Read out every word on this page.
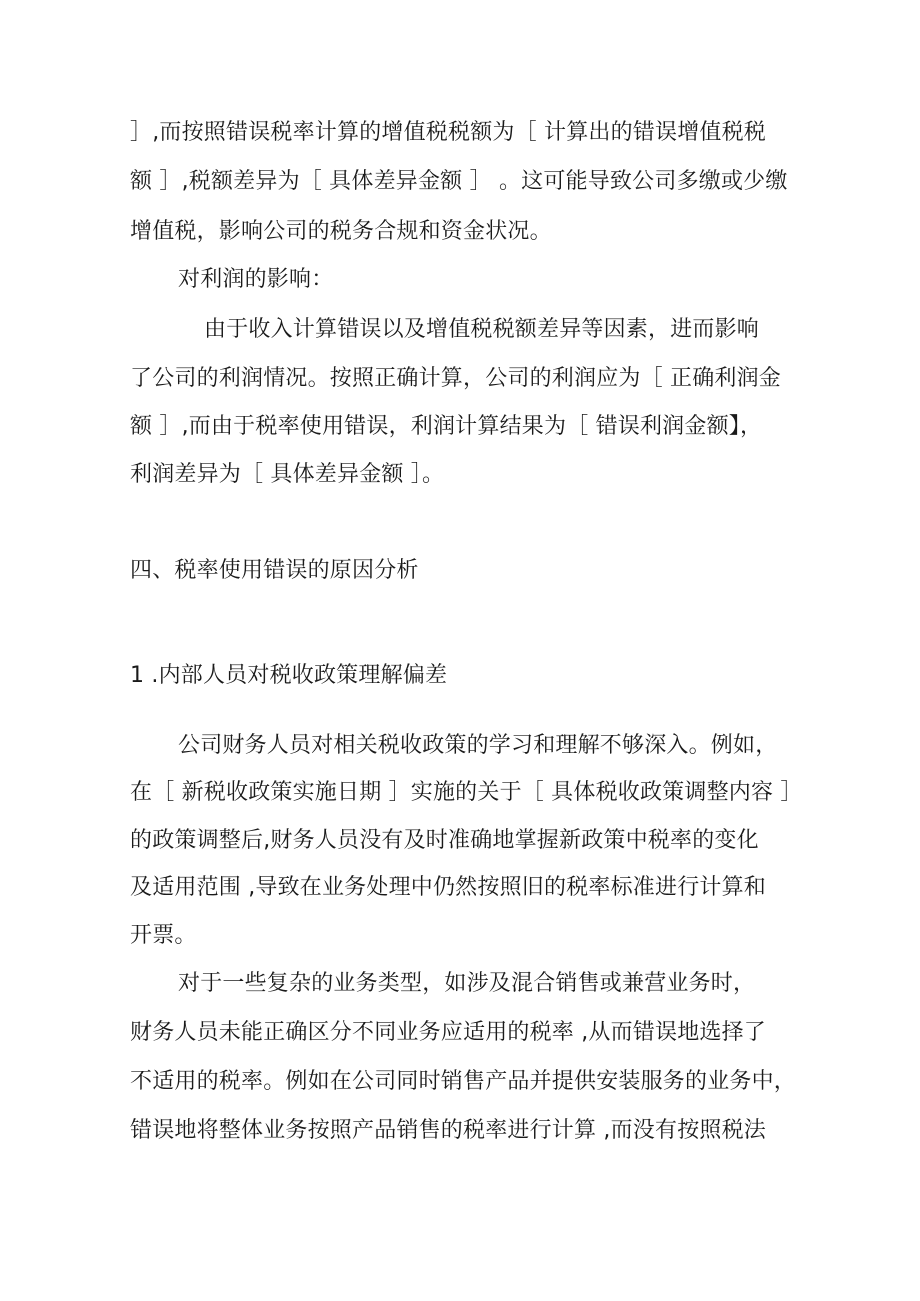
］,而按照错误税率计算的增值税税额为［ 计算出的错误增值税税
额 ］,税额差异为［ 具体差异金额 ］ 。这可能导致公司多缴或少缴
增值税，影响公司的税务合规和资金状况。
对利润的影响：
由于收入计算错误以及增值税税额差异等因素，进而影响
了公司的利润情况。按照正确计算，公司的利润应为［ 正确利润金
额 ］,而由于税率使用错误，利润计算结果为［ 错误利润金额】，
利润差异为［ 具体差异金额 ］。
四、税率使用错误的原因分析
1 .内部人员对税收政策理解偏差
公司财务人员对相关税收政策的学习和理解不够深入。例如，
在［ 新税收政策实施日期 ］实施的关于［ 具体税收政策调整内容 ］
的政策调整后,财务人员没有及时准确地掌握新政策中税率的变化
及适用范围 ,导致在业务处理中仍然按照旧的税率标准进行计算和
开票。
对于一些复杂的业务类型，如涉及混合销售或兼营业务时，
财务人员未能正确区分不同业务应适用的税率 ,从而错误地选择了
不适用的税率。例如在公司同时销售产品并提供安装服务的业务中，
错误地将整体业务按照产品销售的税率进行计算 ,而没有按照税法
